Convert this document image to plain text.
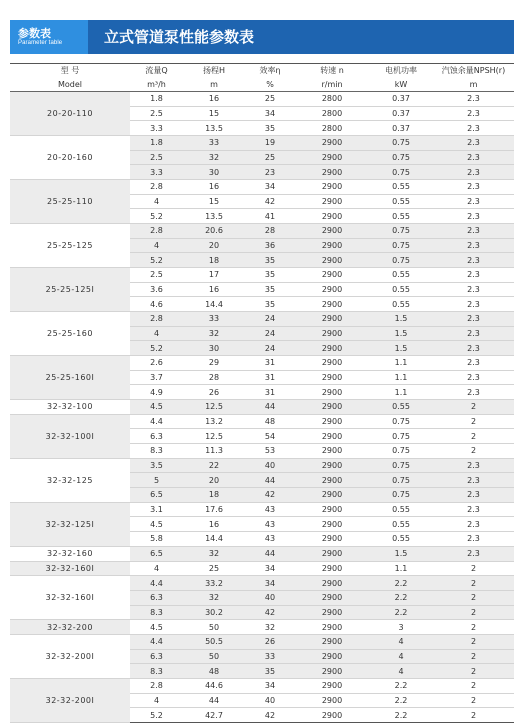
参数表
Parameter table	立式管道泵性能参数表
型 号	流量Q	扬程H	效率η	转速 n	电机功率	汽蚀余量NPSH(r)
Model	m³/h	m	%	r/min	kW	m
20-20-110	1.8	16	25	2800	0.37	2.3
	2.5	15	34	2800	0.37	2.3
	3.3	13.5	35	2800	0.37	2.3
20-20-160	1.8	33	19	2900	0.75	2.3
	2.5	32	25	2900	0.75	2.3
	3.3	30	23	2900	0.75	2.3
25-25-110	2.8	16	34	2900	0.55	2.3
	4	15	42	2900	0.55	2.3
	5.2	13.5	41	2900	0.55	2.3
25-25-125	2.8	20.6	28	2900	0.75	2.3
	4	20	36	2900	0.75	2.3
	5.2	18	35	2900	0.75	2.3
25-25-125I	2.5	17	35	2900	0.55	2.3
	3.6	16	35	2900	0.55	2.3
	4.6	14.4	35	2900	0.55	2.3
25-25-160	2.8	33	24	2900	1.5	2.3
	4	32	24	2900	1.5	2.3
	5.2	30	24	2900	1.5	2.3
25-25-160I	2.6	29	31	2900	1.1	2.3
	3.7	28	31	2900	1.1	2.3
	4.9	26	31	2900	1.1	2.3
32-32-100	4.5	12.5	44	2900	0.55	2
32-32-100I	4.4	13.2	48	2900	0.75	2
	6.3	12.5	54	2900	0.75	2
	8.3	11.3	53	2900	0.75	2
32-32-125	3.5	22	40	2900	0.75	2.3
	5	20	44	2900	0.75	2.3
	6.5	18	42	2900	0.75	2.3
32-32-125I	3.1	17.6	43	2900	0.55	2.3
	4.5	16	43	2900	0.55	2.3
	5.8	14.4	43	2900	0.55	2.3
32-32-160	6.5	32	44	2900	1.5	2.3
32-32-160I	4	25	34	2900	1.1	2
32-32-160I	4.4	33.2	34	2900	2.2	2
	6.3	32	40	2900	2.2	2
	8.3	30.2	42	2900	2.2	2
32-32-200	4.5	50	32	2900	3	2
32-32-200I	4.4	50.5	26	2900	4	2
	6.3	50	33	2900	4	2
	8.3	48	35	2900	4	2
32-32-200I	2.8	44.6	34	2900	2.2	2
	4	44	40	2900	2.2	2
	5.2	42.7	42	2900	2.2	2
